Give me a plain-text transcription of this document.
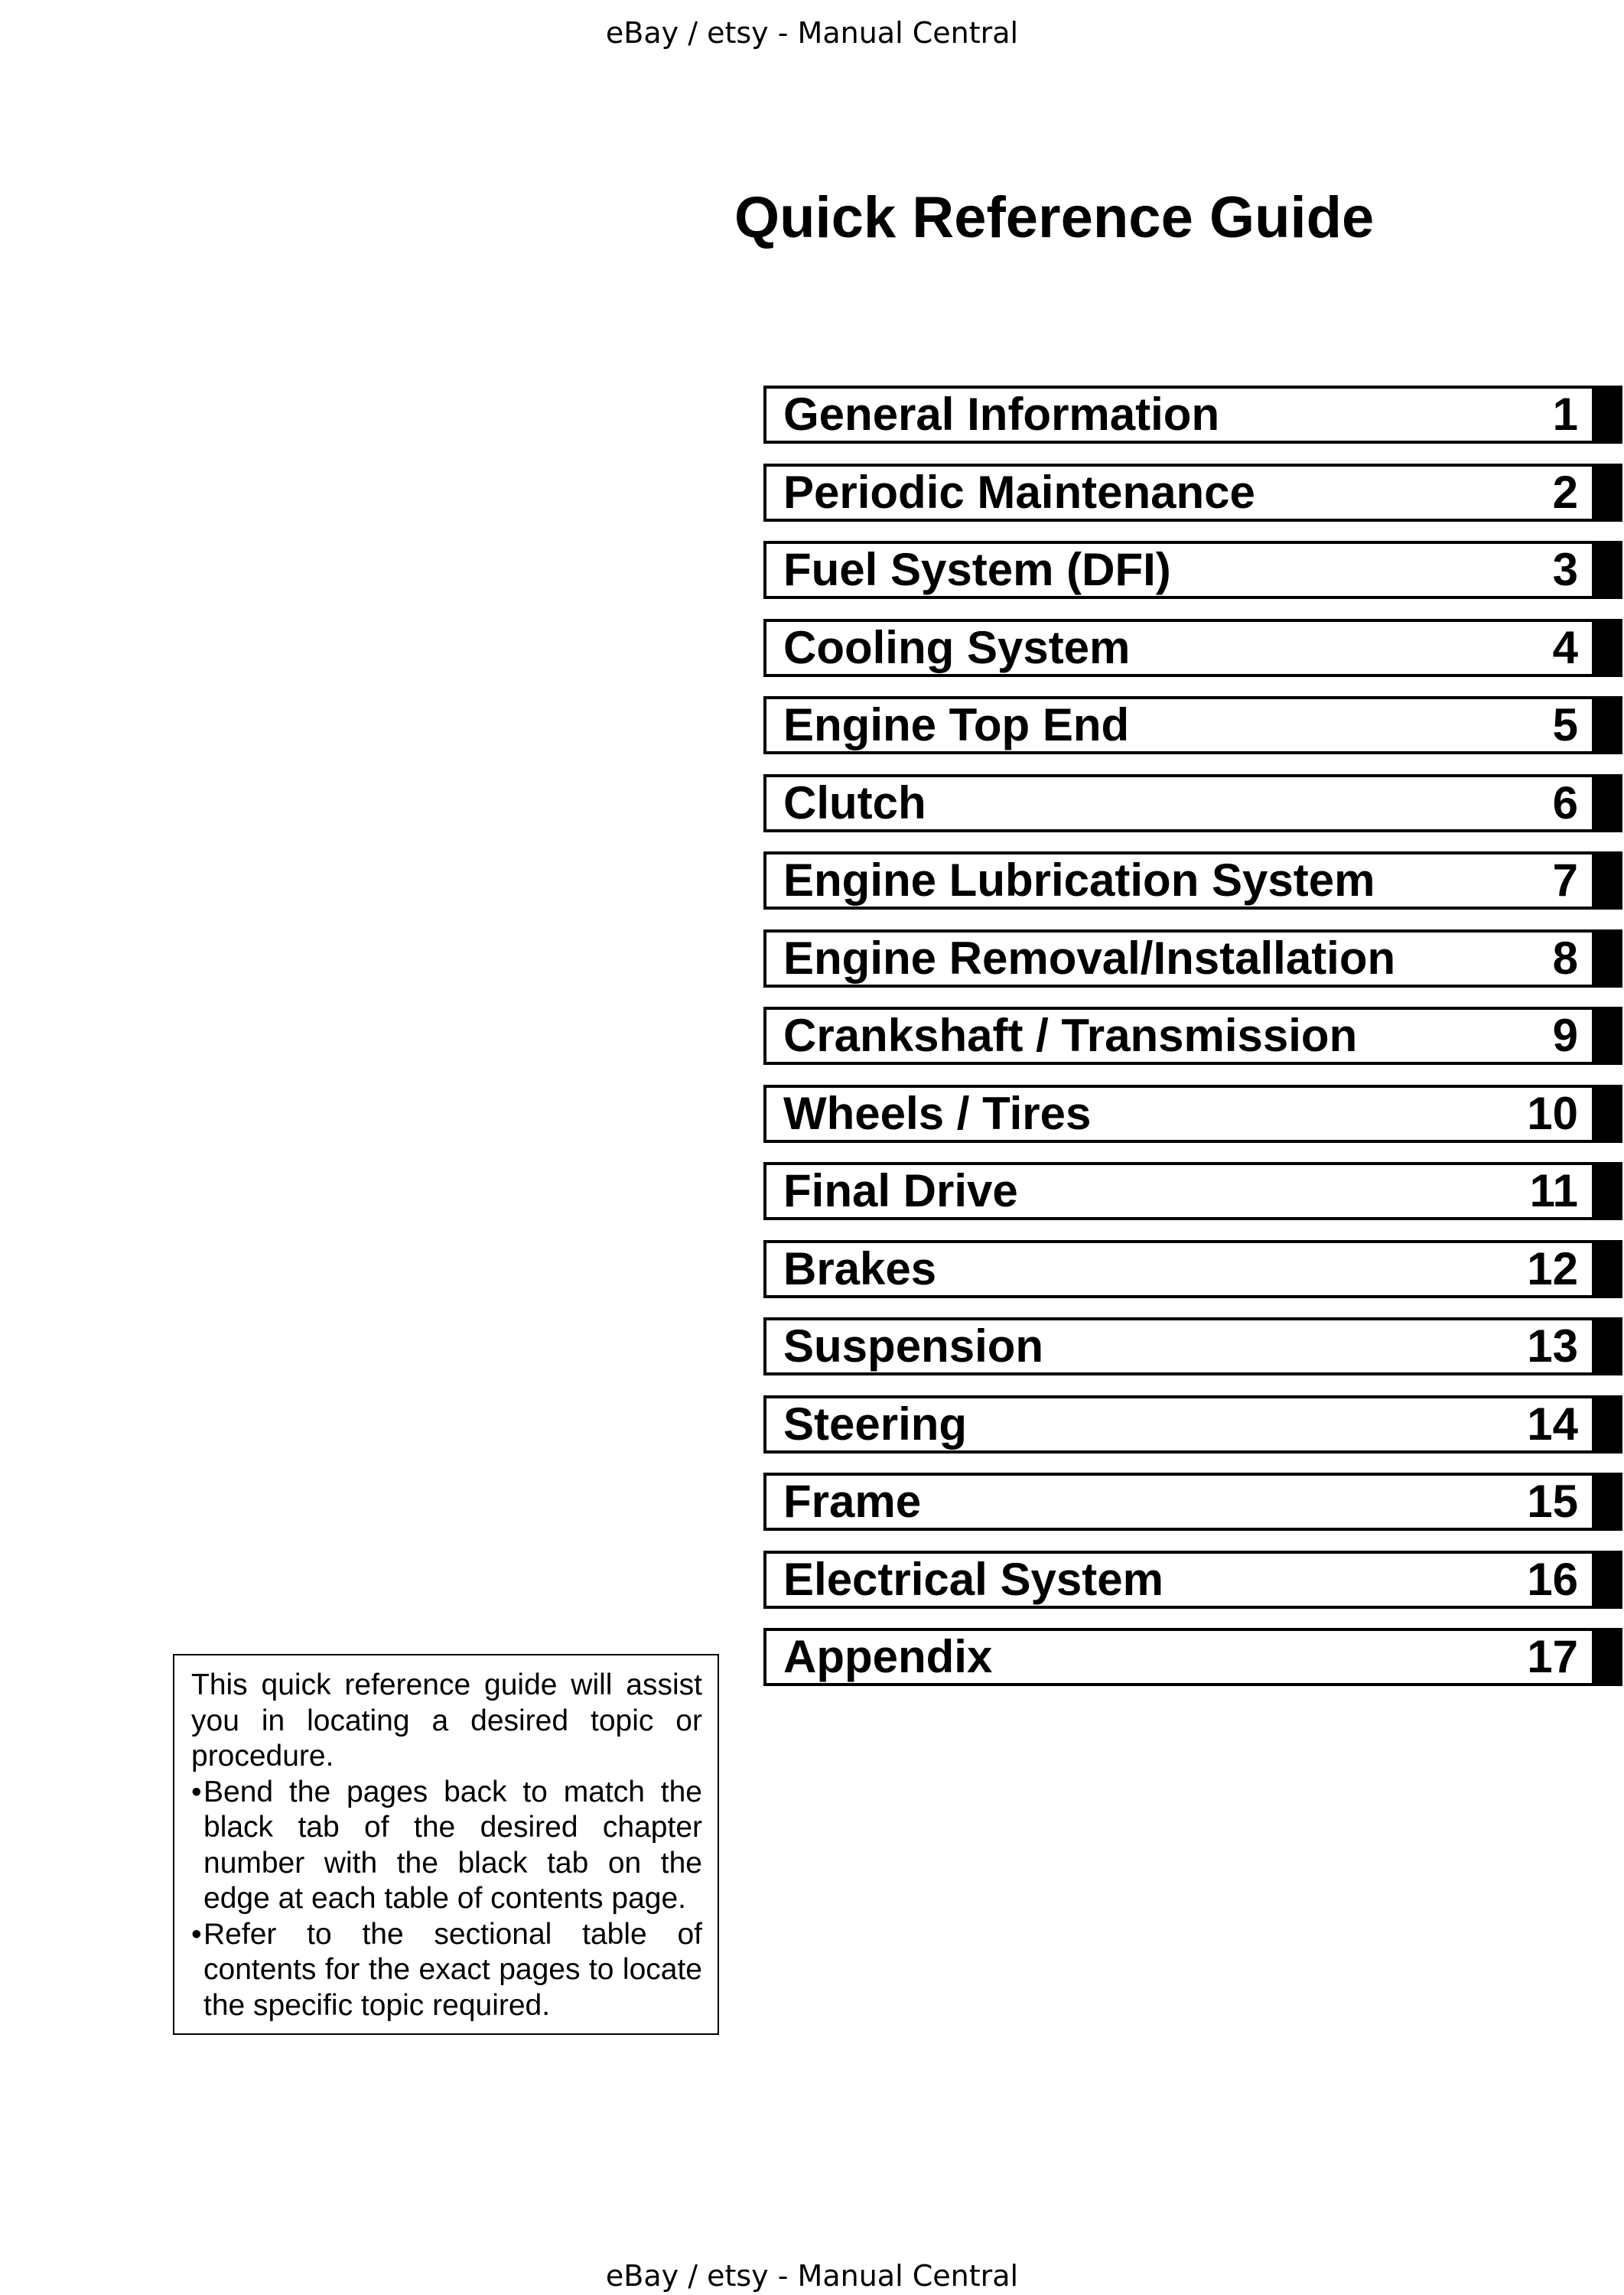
eBay / etsy - Manual Central
Quick Reference Guide
General Information	1
Periodic Maintenance	2
Fuel System (DFI)	3
Cooling System	4
Engine Top End	5
Clutch	6
Engine Lubrication System	7
Engine Removal/Installation	8
Crankshaft / Transmission	9
Wheels / Tires	10
Final Drive	11
Brakes	12
Suspension	13
Steering	14
Frame	15
Electrical System	16
Appendix	17

This quick reference guide will assist you in locating a desired topic or procedure.

• Bend the pages back to match the black tab of the desired chapter number with the black tab on the edge at each table of contents page.
• Refer to the sectional table of contents for the exact pages to locate the specific topic required.
eBay / etsy - Manual Central
